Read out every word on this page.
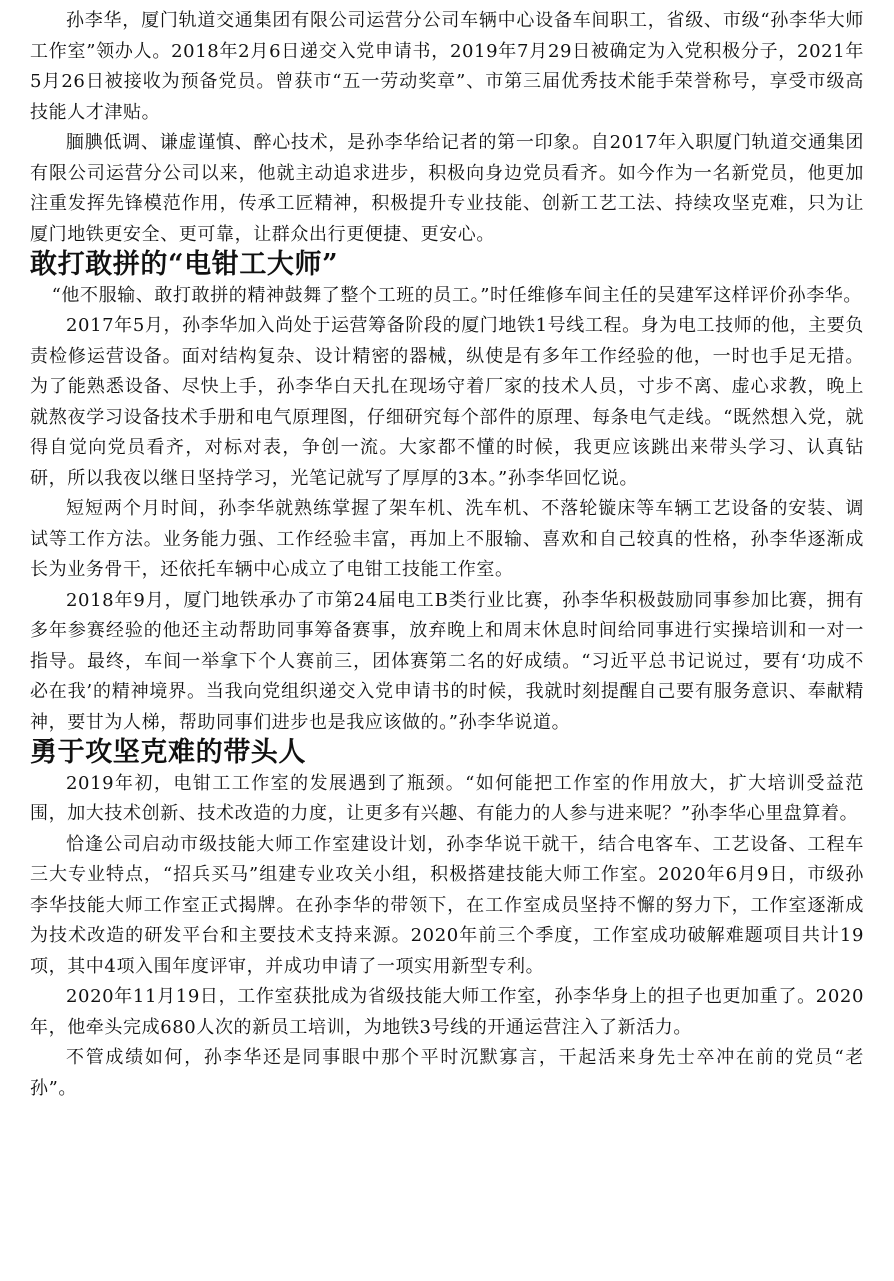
孙李华，厦门轨道交通集团有限公司运营分公司车辆中心设备车间职工，省级、市级“孙李华大师工作室”领办人。2018年2月6日递交入党申请书，2019年7月29日被确定为入党积极分子，2021年5月26日被接收为预备党员。曾获市“五一劳动奖章”、市第三届优秀技术能手荣誉称号，享受市级高技能人才津贴。

腼腆低调、谦虚谨慎、醉心技术，是孙李华给记者的第一印象。自2017年入职厦门轨道交通集团有限公司运营分公司以来，他就主动追求进步，积极向身边党员看齐。如今作为一名新党员，他更加注重发挥先锋模范作用，传承工匠精神，积极提升专业技能、创新工艺工法、持续攻坚克难，只为让厦门地铁更安全、更可靠，让群众出行更便捷、更安心。

敢打敢拼的“电钳工大师”

“他不服输、敢打敢拼的精神鼓舞了整个工班的员工。”时任维修车间主任的吴建军这样评价孙李华。

2017年5月，孙李华加入尚处于运营筹备阶段的厦门地铁1号线工程。身为电工技师的他，主要负责检修运营设备。面对结构复杂、设计精密的器械，纵使是有多年工作经验的他，一时也手足无措。为了能熟悉设备、尽快上手，孙李华白天扎在现场守着厂家的技术人员，寸步不离、虚心求教，晚上就熬夜学习设备技术手册和电气原理图，仔细研究每个部件的原理、每条电气走线。“既然想入党，就得自觉向党员看齐，对标对表，争创一流。大家都不懂的时候，我更应该跳出来带头学习、认真钻研，所以我夜以继日坚持学习，光笔记就写了厚厚的3本。”孙李华回忆说。

短短两个月时间，孙李华就熟练掌握了架车机、洗车机、不落轮镟床等车辆工艺设备的安装、调试等工作方法。业务能力强、工作经验丰富，再加上不服输、喜欢和自己较真的性格，孙李华逐渐成长为业务骨干，还依托车辆中心成立了电钳工技能工作室。

2018年9月，厦门地铁承办了市第24届电工B类行业比赛，孙李华积极鼓励同事参加比赛，拥有多年参赛经验的他还主动帮助同事筹备赛事，放弃晚上和周末休息时间给同事进行实操培训和一对一指导。最终，车间一举拿下个人赛前三，团体赛第二名的好成绩。“习近平总书记说过，要有‘功成不必在我’的精神境界。当我向党组织递交入党申请书的时候，我就时刻提醒自己要有服务意识、奉献精神，要甘为人梯，帮助同事们进步也是我应该做的。”孙李华说道。

勇于攻坚克难的带头人

2019年初，电钳工工作室的发展遇到了瓶颈。“如何能把工作室的作用放大，扩大培训受益范围，加大技术创新、技术改造的力度，让更多有兴趣、有能力的人参与进来呢？”孙李华心里盘算着。

恰逢公司启动市级技能大师工作室建设计划，孙李华说干就干，结合电客车、工艺设备、工程车三大专业特点，“招兵买马”组建专业攻关小组，积极搭建技能大师工作室。2020年6月9日，市级孙李华技能大师工作室正式揭牌。在孙李华的带领下，在工作室成员坚持不懈的努力下，工作室逐渐成为技术改造的研发平台和主要技术支持来源。2020年前三个季度，工作室成功破解难题项目共计19项，其中4项入围年度评审，并成功申请了一项实用新型专利。

2020年11月19日，工作室获批成为省级技能大师工作室，孙李华身上的担子也更加重了。2020年，他牵头完成680人次的新员工培训，为地铁3号线的开通运营注入了新活力。

不管成绩如何，孙李华还是同事眼中那个平时沉默寡言，干起活来身先士卒冲在前的党员“老孙”。
